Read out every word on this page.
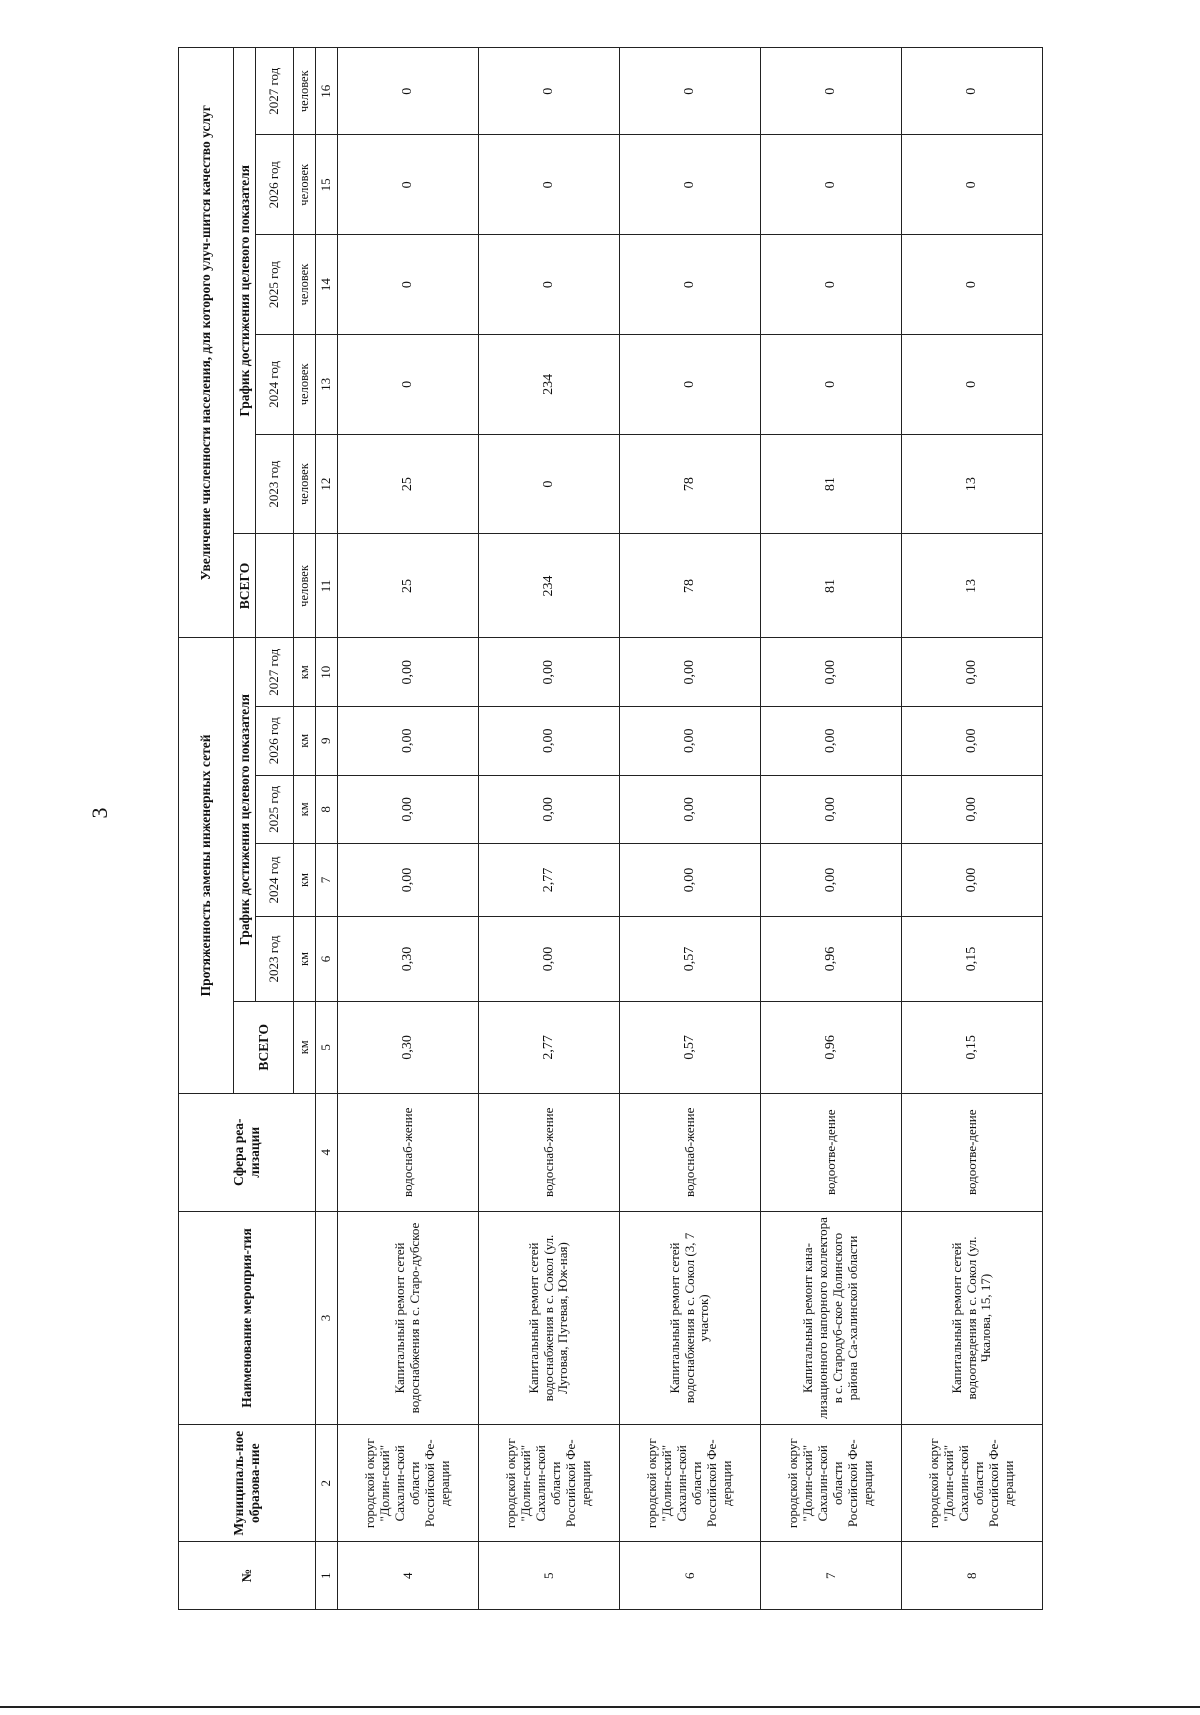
3
№	Муниципаль-ное образова-ние	Наименование мероприя-тия	Сфера реа-лизации	Протяженность замены инженерных сетей						Увеличение численности населения, для которого улуч-шится качество услуг					
				ВСЕГО	График достижения целевого показателя					ВСЕГО	График достижения целевого показателя				
					2023 год	2024 год	2025 год	2026 год	2027 год		2023 год	2024 год	2025 год	2026 год	2027 год
				км	км	км	км	км	км	человек	человек	человек	человек	человек	человек
1	2	3	4	5	6	7	8	9	10	11	12	13	14	15	16
4	городской округ "Долин-ский" Сахалин-ской области Российской Фе-дерации	Капитальный ремонт сетей водоснабжения в с. Старо-дубское	водоснаб-жение	0,30	0,30	0,00	0,00	0,00	0,00	25	25	0	0	0	0
5	городской округ "Долин-ский" Сахалин-ской области Российской Фе-дерации	Капитальный ремонт сетей водоснабжения в с. Сокол (ул. Луговая, Пугевая, Юж-ная)	водоснаб-жение	2,77	0,00	2,77	0,00	0,00	0,00	234	0	234	0	0	0
6	городской округ "Долин-ский" Сахалин-ской области Российской Фе-дерации	Капитальный ремонт сетей водоснабжения в с. Сокол (3, 7 участок)	водоснаб-жение	0,57	0,57	0,00	0,00	0,00	0,00	78	78	0	0	0	0
7	городской округ "Долин-ский" Сахалин-ской области Российской Фе-дерации	Капитальный ремонт кана-лизационного напорного коллектора в с. Стародуб-ское Долинского района Са-халинской области	водоотве-дение	0,96	0,96	0,00	0,00	0,00	0,00	81	81	0	0	0	0
8	городской округ "Долин-ский" Сахалин-ской области Российской Фе-дерации	Капитальный ремонт сетей водоотведения в с. Сокол (ул. Чкалова, 15, 17)	водоотве-дение	0,15	0,15	0,00	0,00	0,00	0,00	13	13	0	0	0	0
